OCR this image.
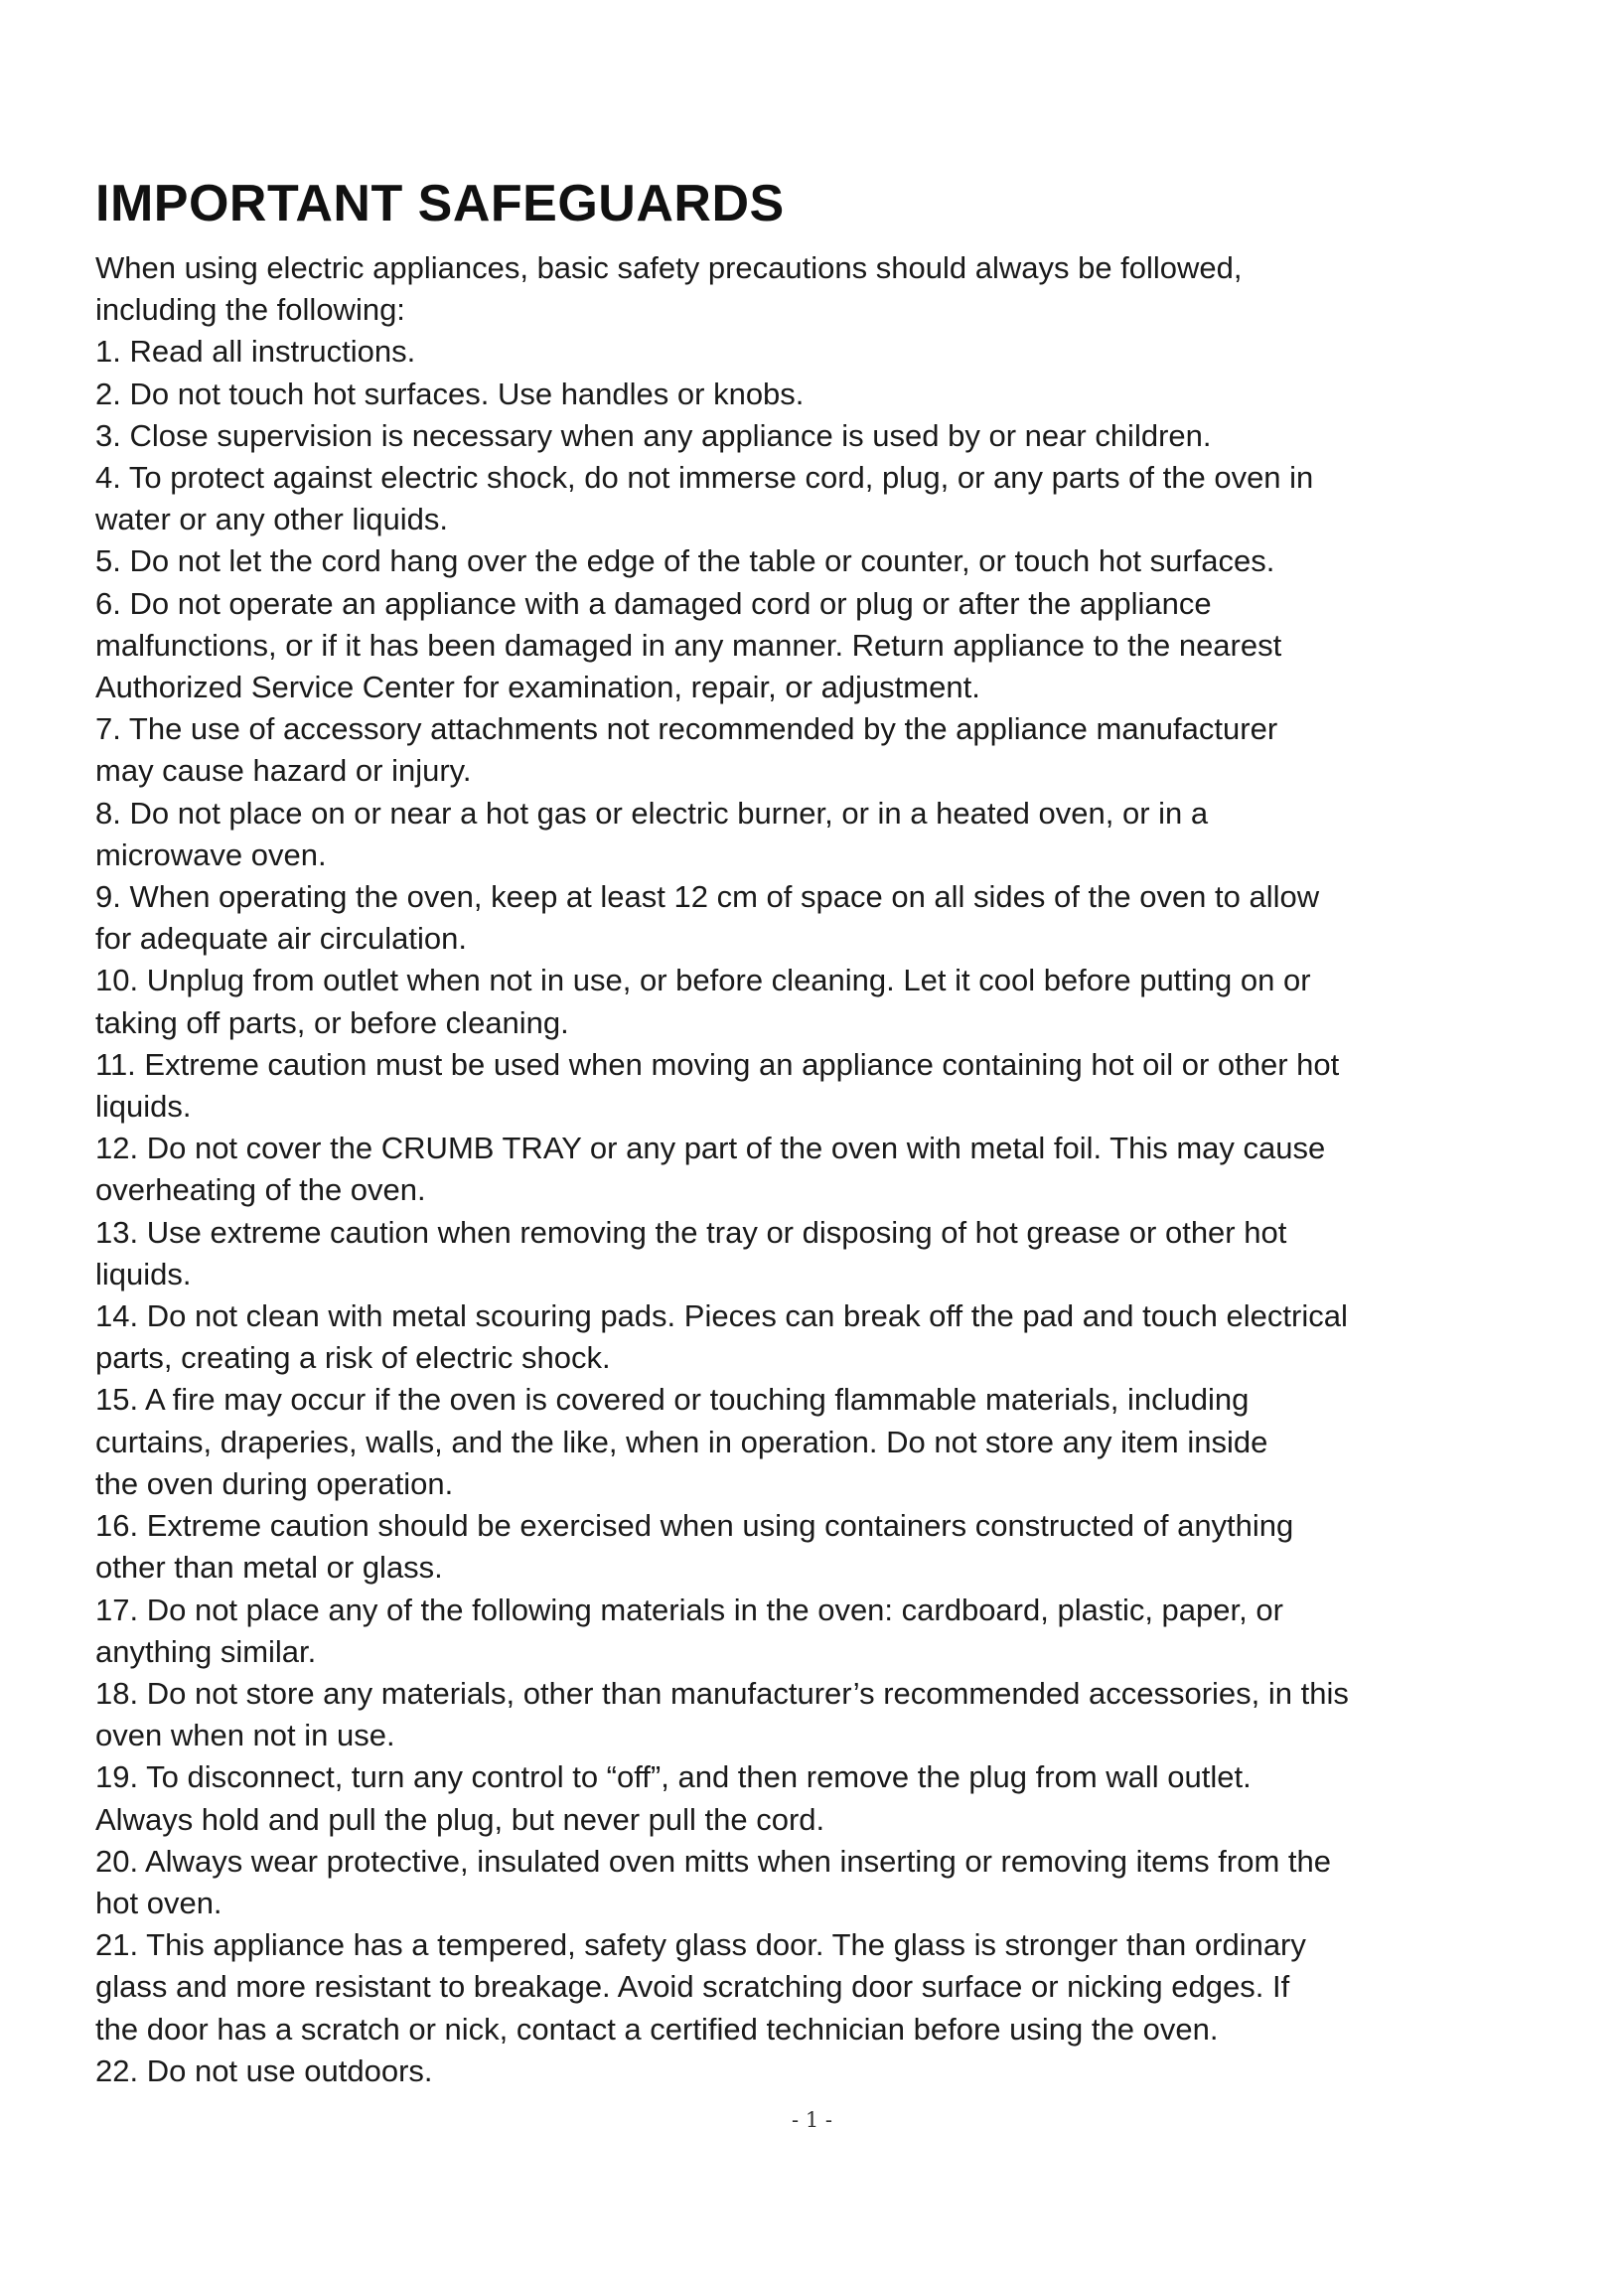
IMPORTANT SAFEGUARDS

When using electric appliances, basic safety precautions should always be followed,
including the following:

1. Read all instructions.
2. Do not touch hot surfaces. Use handles or knobs.
3. Close supervision is necessary when any appliance is used by or near children.
4. To protect against electric shock, do not immerse cord, plug, or any parts of the oven in
water or any other liquids.
5. Do not let the cord hang over the edge of the table or counter, or touch hot surfaces.
6. Do not operate an appliance with a damaged cord or plug or after the appliance
malfunctions, or if it has been damaged in any manner. Return appliance to the nearest
Authorized Service Center for examination, repair, or adjustment.
7. The use of accessory attachments not recommended by the appliance manufacturer
may cause hazard or injury.
8. Do not place on or near a hot gas or electric burner, or in a heated oven, or in a
microwave oven.
9. When operating the oven, keep at least 12 cm of space on all sides of the oven to allow
for adequate air circulation.
10. Unplug from outlet when not in use, or before cleaning. Let it cool before putting on or
taking off parts, or before cleaning.
11. Extreme caution must be used when moving an appliance containing hot oil or other hot
liquids.
12. Do not cover the CRUMB TRAY or any part of the oven with metal foil. This may cause
overheating of the oven.
13. Use extreme caution when removing the tray or disposing of hot grease or other hot
liquids.
14. Do not clean with metal scouring pads. Pieces can break off the pad and touch electrical
parts, creating a risk of electric shock.
15. A fire may occur if the oven is covered or touching flammable materials, including
curtains, draperies, walls, and the like, when in operation. Do not store any item inside
the oven during operation.
16. Extreme caution should be exercised when using containers constructed of anything
other than metal or glass.
17. Do not place any of the following materials in the oven: cardboard, plastic, paper, or
anything similar.
18. Do not store any materials, other than manufacturer’s recommended accessories, in this
oven when not in use.
19. To disconnect, turn any control to “off”, and then remove the plug from wall outlet.
Always hold and pull the plug, but never pull the cord.
20. Always wear protective, insulated oven mitts when inserting or removing items from the
hot oven.
21. This appliance has a tempered, safety glass door. The glass is stronger than ordinary
glass and more resistant to breakage. Avoid scratching door surface or nicking edges. If
the door has a scratch or nick, contact a certified technician before using the oven.
22. Do not use outdoors.
- 1 -
